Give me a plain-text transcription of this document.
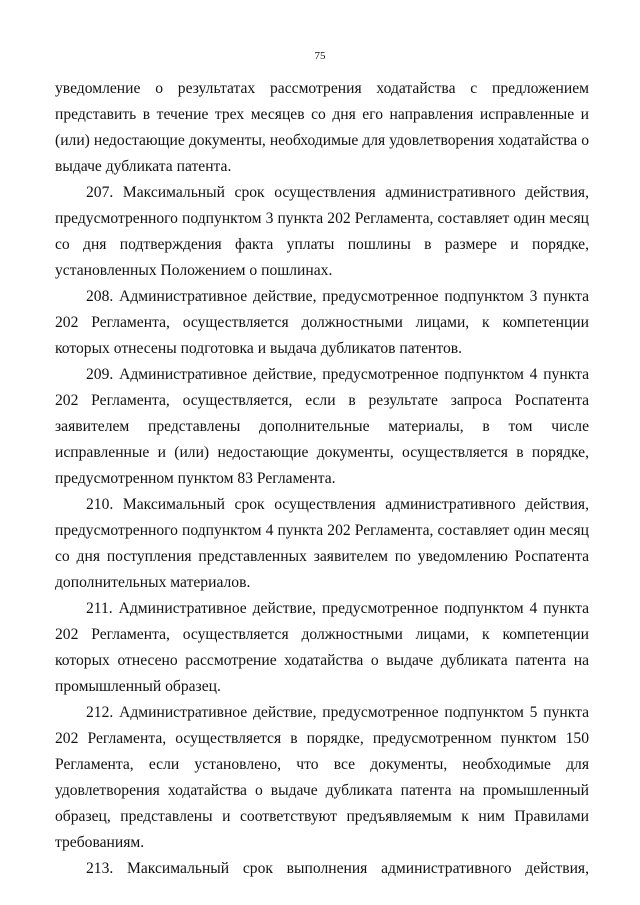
75

уведомление о результатах рассмотрения ходатайства с предложением представить в течение трех месяцев со дня его направления исправленные и (или) недостающие документы, необходимые для удовлетворения ходатайства о выдаче дубликата патента.

207. Максимальный срок осуществления административного действия, предусмотренного подпунктом 3 пункта 202 Регламента, составляет один месяц со дня подтверждения факта уплаты пошлины в размере и порядке, установленных Положением о пошлинах.

208. Административное действие, предусмотренное подпунктом 3 пункта 202 Регламента, осуществляется должностными лицами, к компетенции которых отнесены подготовка и выдача дубликатов патентов.

209. Административное действие, предусмотренное подпунктом 4 пункта 202 Регламента, осуществляется, если в результате запроса Роспатента заявителем представлены дополнительные материалы, в том числе исправленные и (или) недостающие документы, осуществляется в порядке, предусмотренном пунктом 83 Регламента.

210. Максимальный срок осуществления административного действия, предусмотренного подпунктом 4 пункта 202 Регламента, составляет один месяц со дня поступления представленных заявителем по уведомлению Роспатента дополнительных материалов.

211. Административное действие, предусмотренное подпунктом 4 пункта 202 Регламента, осуществляется должностными лицами, к компетенции которых отнесено рассмотрение ходатайства о выдаче дубликата патента на промышленный образец.

212. Административное действие, предусмотренное подпунктом 5 пункта 202 Регламента, осуществляется в порядке, предусмотренном пунктом 150 Регламента, если установлено, что все документы, необходимые для удовлетворения ходатайства о выдаче дубликата патента на промышленный образец, представлены и соответствуют предъявляемым к ним Правилами требованиям.

213. Максимальный срок выполнения административного действия,
